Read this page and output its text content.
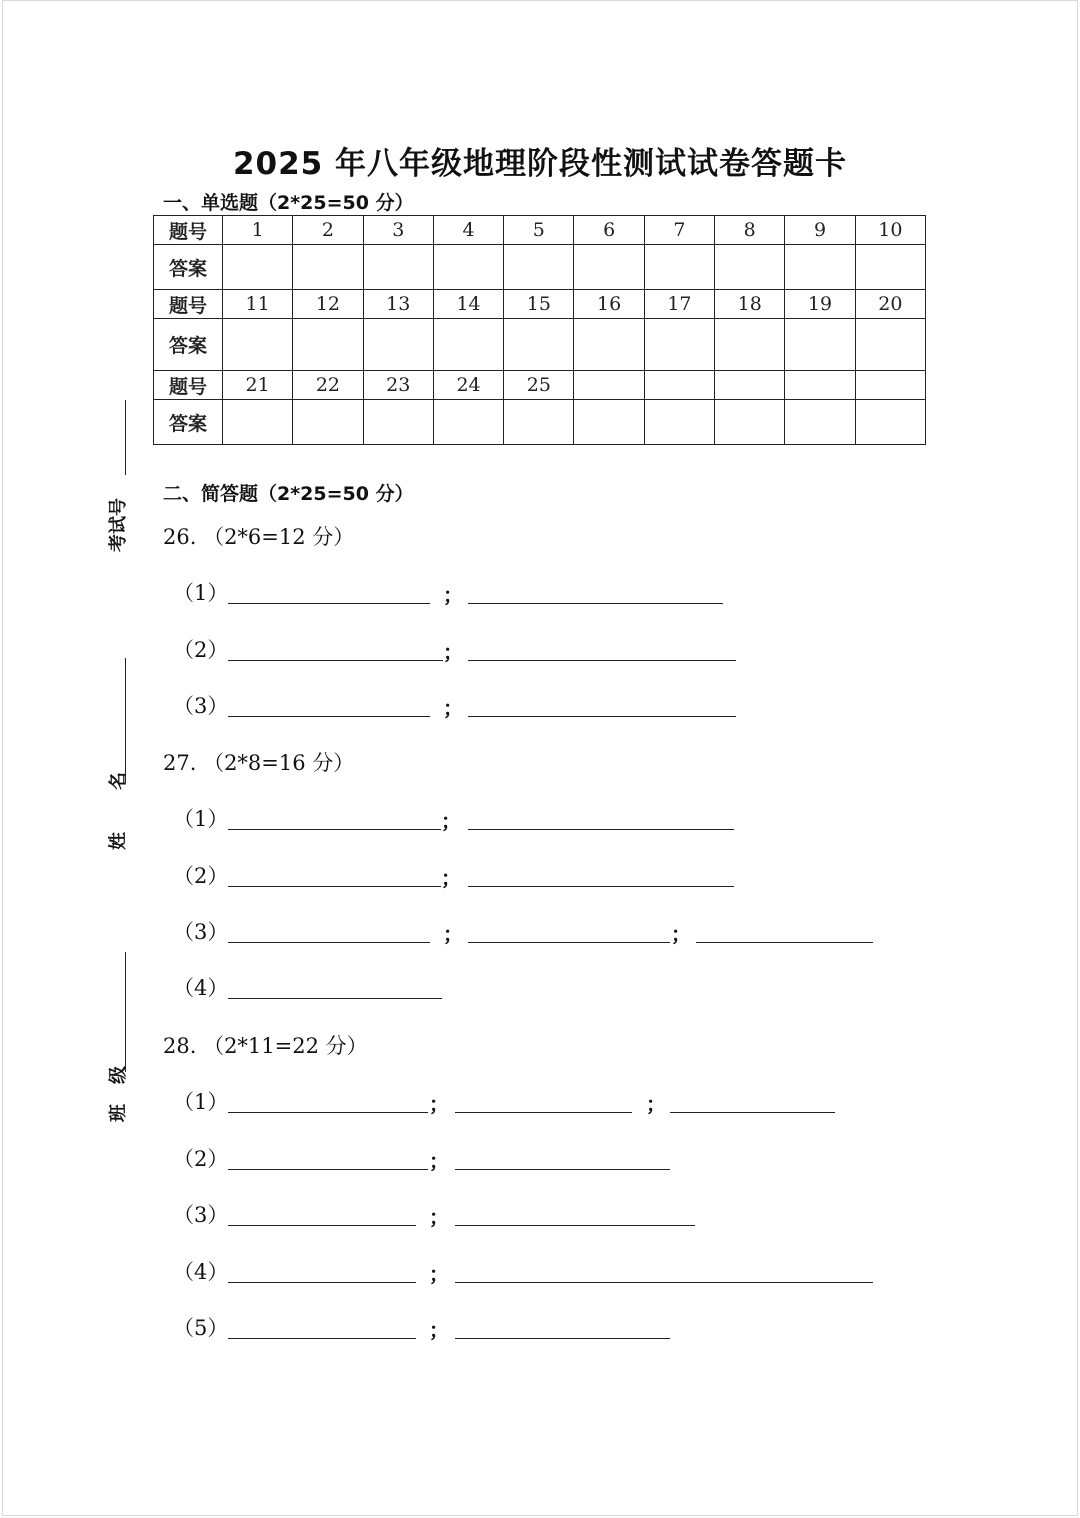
2025 年八年级地理阶段性测试试卷答题卡
考试号
名
姓
级
班
一、单选题（2*25=50 分）
题号	1	2	3	4	5	6	7	8	9	10
答案										
题号	11	12	13	14	15	16	17	18	19	20
答案										
题号	21	22	23	24	25					
答案										
二、简答题（2*25=50 分）
26. （2*6=12 分）
（1）	；
（2）	；
（3）	；
27. （2*8=16 分）
（1）	；
（2）	；
（3）	；	；
（4）
28. （2*11=22 分）
（1）	；	；
（2）	；
（3）	；
（4）	；
（5）	；
